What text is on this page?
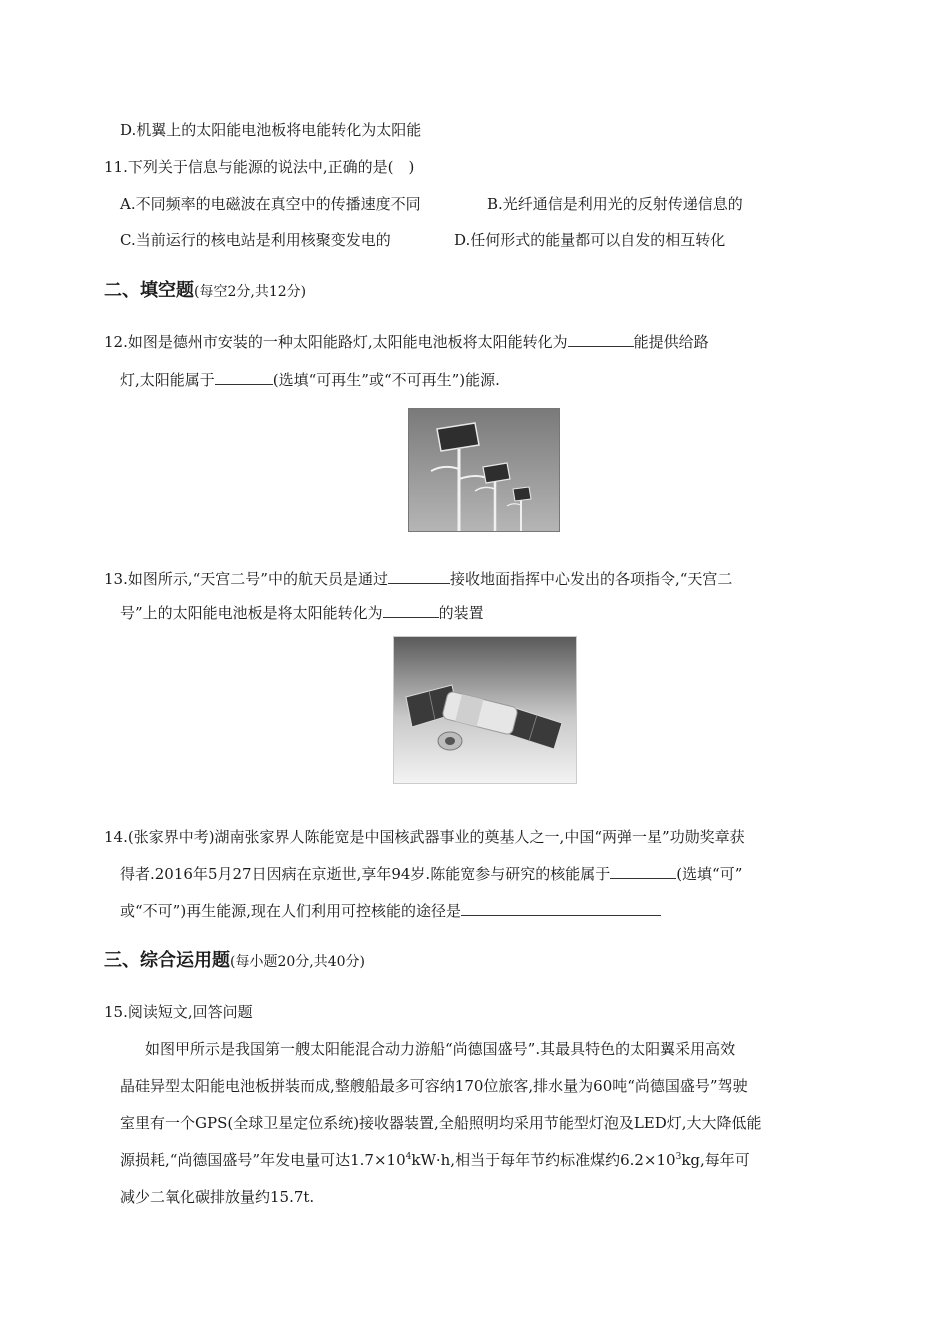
D.机翼上的太阳能电池板将电能转化为太阳能
11.下列关于信息与能源的说法中,正确的是(　)
A.不同频率的电磁波在真空中的传播速度不同	B.光纤通信是利用光的反射传递信息的
C.当前运行的核电站是利用核聚变发电的	D.任何形式的能量都可以自发的相互转化
二、填空题(每空2分,共12分)
12.如图是德州市安装的一种太阳能路灯,太阳能电池板将太阳能转化为	能提供给路
灯,太阳能属于	(选填“可再生”或“不可再生”)能源.
13.如图所示,“天宫二号”中的航天员是通过	接收地面指挥中心发出的各项指令,“天宫二
号”上的太阳能电池板是将太阳能转化为	的装置
14.(张家界中考)湖南张家界人陈能宽是中国核武器事业的奠基人之一,中国“两弹一星”功勋奖章获
得者.2016年5月27日因病在京逝世,享年94岁.陈能宽参与研究的核能属于	(选填“可”
或“不可”)再生能源,现在人们利用可控核能的途径是
三、综合运用题(每小题20分,共40分)
15.阅读短文,回答问题
如图甲所示是我国第一艘太阳能混合动力游船“尚德国盛号”.其最具特色的太阳翼采用高效
晶硅异型太阳能电池板拼装而成,整艘船最多可容纳170位旅客,排水量为60吨“尚德国盛号”驾驶
室里有一个GPS(全球卫星定位系统)接收器装置,全船照明均采用节能型灯泡及LED灯,大大降低能
源损耗,“尚德国盛号”年发电量可达$1.7\times 10^4kW\cdot h$,相当于每年节约标准煤约$6.2\times 10^3kg$,每年可
减少二氧化碳排放量约15.7t.
